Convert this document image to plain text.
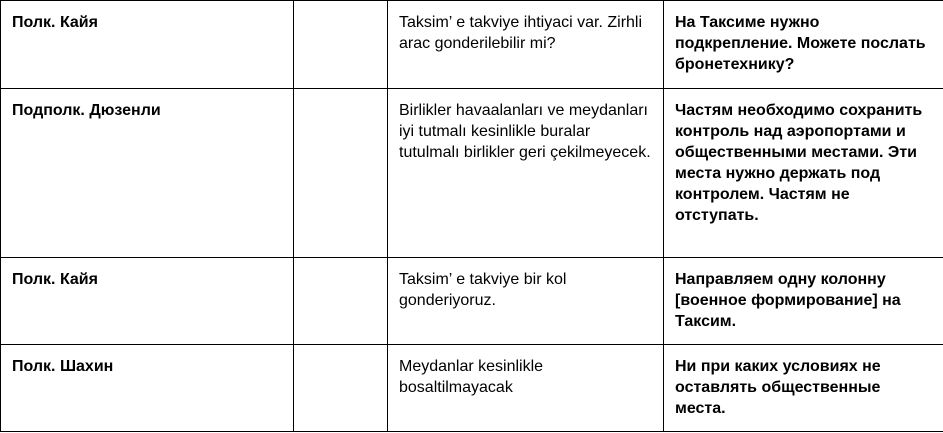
Полк. Кайя		Taksim’ e takviye ihtiyaci var. Zirhli arac gonderilebilir mi?	На Таксиме нужно подкрепление. Можете послать бронетехнику?
Подполк. Дюзенли		Birlikler havaalanları ve meydanları iyi tutmalı kesinlikle buralar tutulmalı birlikler geri çekilmeyecek.	Частям необходимо сохранить контроль над аэропортами и общественными местами. Эти места нужно держать под контролем. Частям не отступать.
Полк. Кайя		Taksim’ e takviye bir kol gonderiyoruz.	Направляем одну колонну [военное формирование] на Таксим.
Полк. Шахин		Meydanlar kesinlikle bosaltilmayacak	Ни при каких условиях не оставлять общественные места.
